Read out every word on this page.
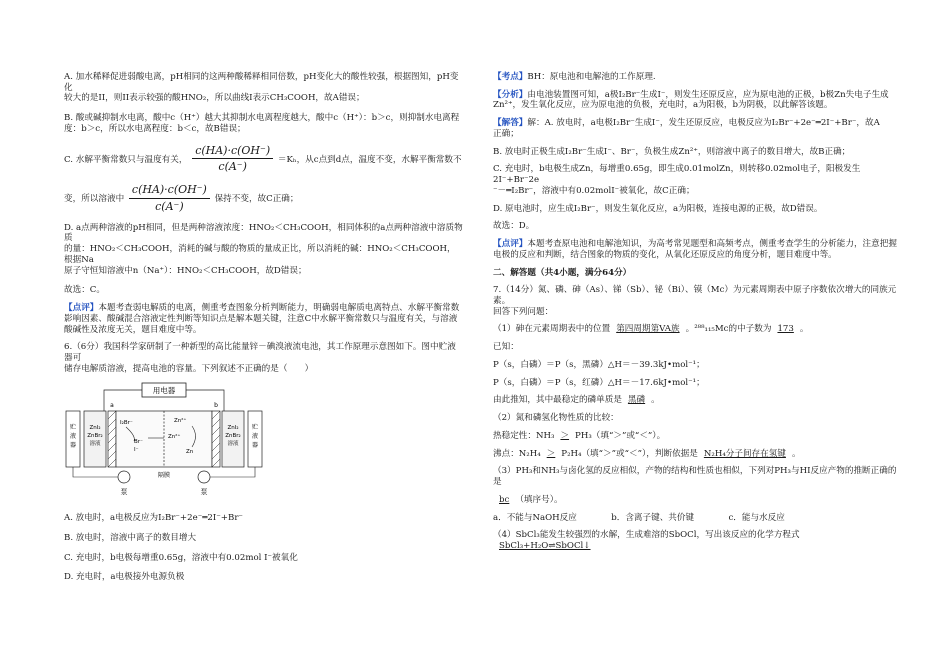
A. 加水稀释促进弱酸电离，pH相同的这两种酸稀释相同倍数，pH变化大的酸性较强，根据图知，pH变化
较大的是II，则II表示较强的酸HNO₂，所以曲线I表示CH₃COOH，故A错误；

B. 酸或碱抑制水电离，酸中c（H⁺）越大其抑制水电离程度越大，酸中c（H⁺）：b＞c，则抑制水电离程
度：b＞c，所以水电离程度：b＜c，故B错误；

C. 水解平衡常数只与温度有关， $\frac{c(HA)\cdot c(OH^-)}{c(A^-)} =K_h$，从c点到d点，温度不变，水解平衡常数不

变，所以溶液中 $\frac{c(HA)\cdot c(OH^-)}{c(A^-)}$ 保持不变，故C正确；

D. a点两种溶液的pH相同，但是两种溶液浓度：HNO₂＜CH₃COOH，相同体积的a点两种溶液中溶质物质
的量：HNO₂＜CH₃COOH，消耗的碱与酸的物质的量成正比，所以消耗的碱：HNO₂＜CH₃COOH，根据Na
原子守恒知溶液中n（Na⁺）：HNO₂＜CH₃COOH，故D错误；

故选：C。

【点评】本题考查弱电解质的电离，侧重考查图象分析判断能力，明确弱电解质电离特点、水解平衡常数影响因素、酸碱混合溶液定性判断等知识点是解本题关键，注意C中水解平衡常数只与温度有关，与溶液酸碱性及浓度无关，题目难度中等。

6.（6分）我国科学家研制了一种新型的高比能量锌－碘溴液流电池，其工作原理示意图如下。图中贮液器可
储存电解质溶液，提高电池的容量。下列叙述不正确的是（　　）

用电器
贮
液
器
ZnI₂
ZnBr₂
溶液
I₂Br⁻
Br⁻
I⁻
Zn²⁺
Zn²⁺
Zn
隔膜
ZnI₂
ZnBr₂
溶液
贮
液
器
泵	泵
a	b

A. 放电时，a电极反应为I₂Br⁻+2e⁻═2I⁻+Br⁻

B. 放电时，溶液中离子的数目增大

C. 充电时，b电极每增重0.65g，溶液中有0.02mol I⁻被氧化

D. 充电时，a电极接外电源负极

【考点】BH：原电池和电解池的工作原理.

【分析】由电池装置图可知，a极I₂Br⁻生成I⁻，则发生还原反应，应为原电池的正极，b极Zn失电子生成
Zn²⁺，发生氧化反应，应为原电池的负极，充电时，a为阳极，b为阴极，以此解答该题。

【解答】解：A. 放电时，a电极I₂Br⁻生成I⁻，发生还原反应，电极反应为I₂Br⁻+2e⁻═2I⁻+Br⁻，故A
正确；

B. 放电时正极生成I₂Br⁻生成I⁻、Br⁻，负极生成Zn²⁺，则溶液中离子的数目增大，故B正确；

C. 充电时，b电极生成Zn，每增重0.65g，即生成0.01molZn，则转移0.02mol电子，阳极发生2I⁻+Br⁻2e
⁻－═I₂Br⁻，溶液中有0.02molI⁻被氧化，故C正确；

D. 原电池时，应生成I₂Br⁻，则发生氧化反应，a为阳极，连接电源的正极，故D错误。

故选：D。

【点评】本题考查原电池和电解池知识，为高考常见题型和高频考点，侧重考查学生的分析能力，注意把握电极的反应和判断，结合图象的物质的变化，从氧化还原反应的角度分析，题目难度中等。

二、解答题（共4小题，满分64分）

7.（14分）氮、磷、砷（As）、锑（Sb）、铋（Bi）、镆（Mc）为元素周期表中原子序数依次增大的同族元素。
回答下列问题：

（1）砷在元素周期表中的位置 第四周期第VA族 。²⁸⁸₁₁₅Mc的中子数为 173 。

已知：

P（s，白磷）＝P（s，黑磷）△H＝－39.3kJ•mol⁻¹；

P（s，白磷）＝P（s，红磷）△H＝－17.6kJ•mol⁻¹；

由此推知，其中最稳定的磷单质是 黑磷 。

（2）氮和磷氢化物性质的比较：

热稳定性：NH₃ ＞ PH₃（填“＞”或“＜”）。

沸点：N₂H₄ ＞ P₂H₄（填“＞”或“＜”），判断依据是 N₂H₄分子间存在氢键 。

（3）PH₃和NH₃与卤化氢的反应相似，产物的结构和性质也相似，下列对PH₃与HI反应产物的推断正确的
是

bc （填序号）。

a．不能与NaOH反应　　　　b．含离子键、共价键　　　　c．能与水反应

（4）SbCl₃能发生较强烈的水解，生成难溶的SbOCl，写出该反应的化学方程式SbCl₃+H₂O⇌SbOCl↓
